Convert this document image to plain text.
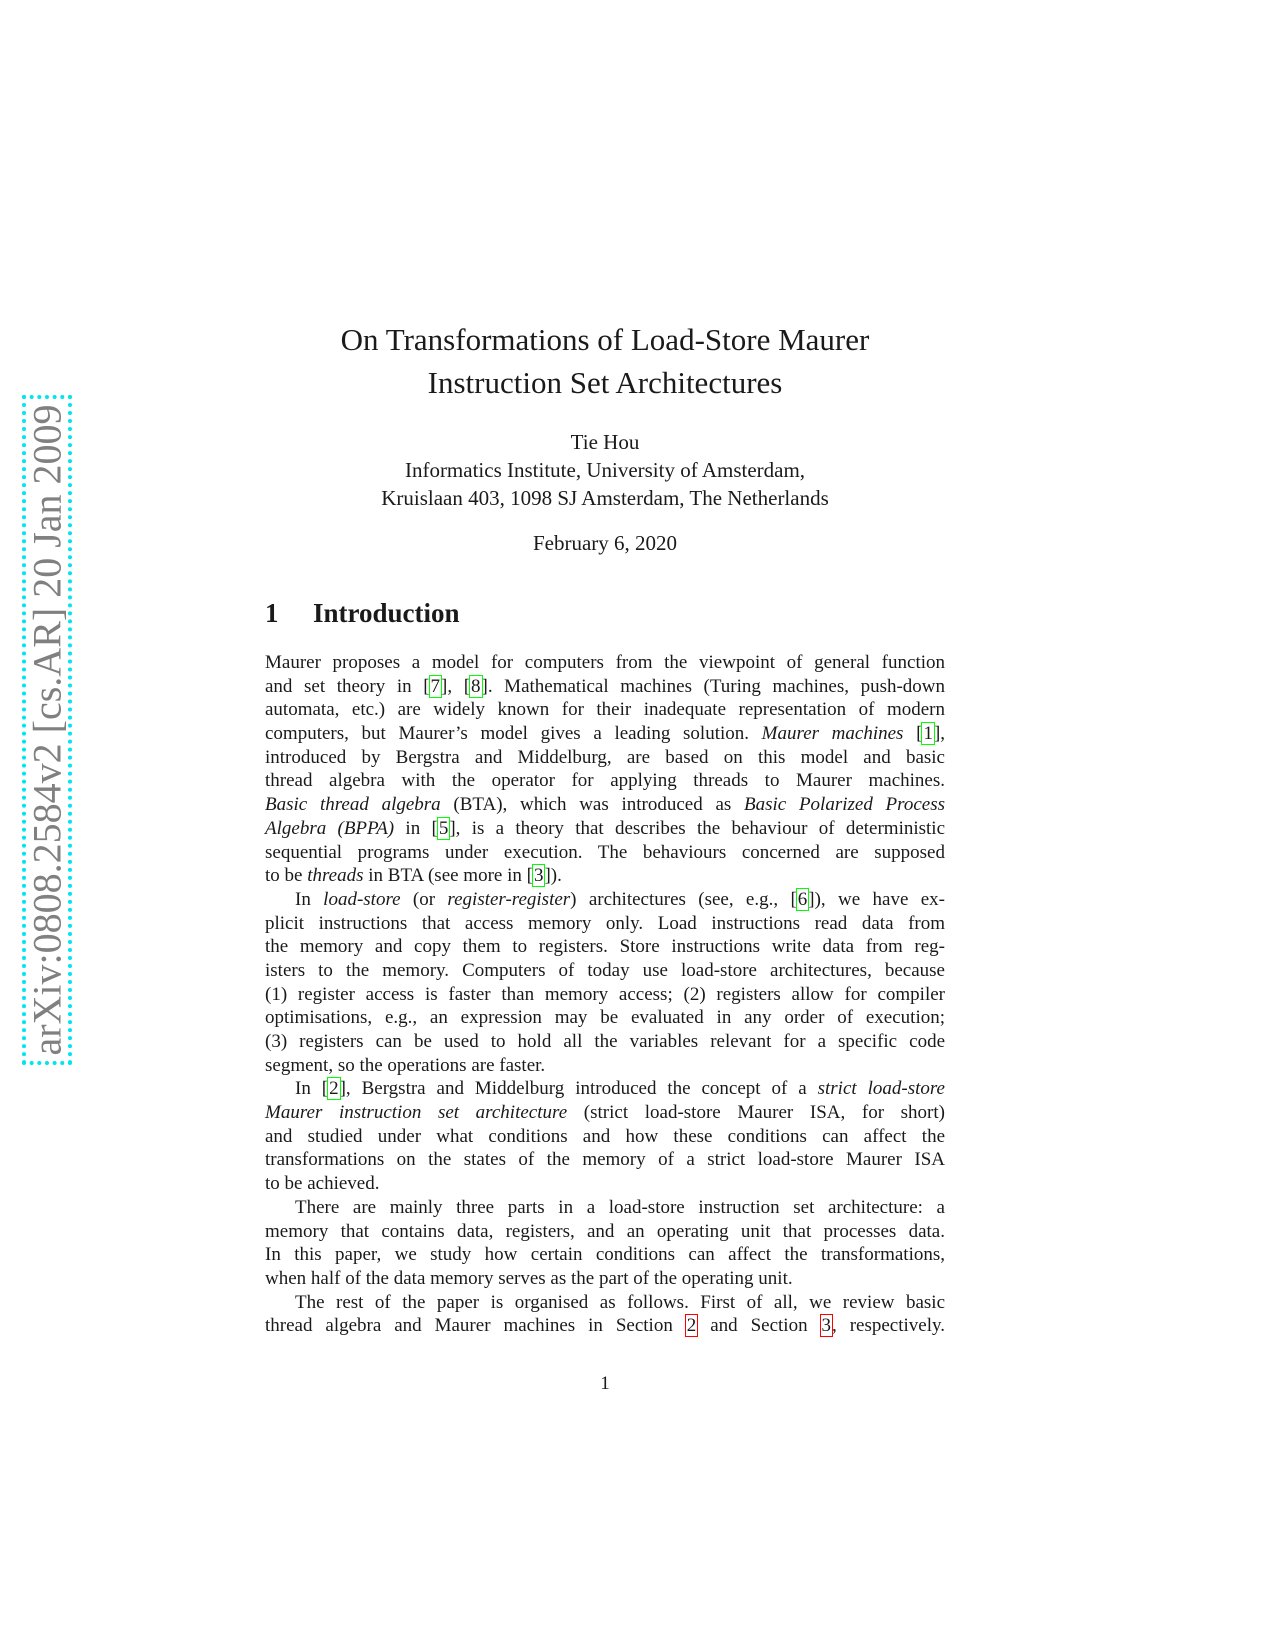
arXiv:0808.2584v2 [cs.AR] 20 Jan 2009
On Transformations of Load-Store Maurer
Instruction Set Architectures
Tie Hou
Informatics Institute, University of Amsterdam,
Kruislaan 403, 1098 SJ Amsterdam, The Netherlands
February 6, 2020
1 Introduction
Maurer proposes a model for computers from the viewpoint of general function
and set theory in [7], [8]. Mathematical machines (Turing machines, push-down
automata, etc.) are widely known for their inadequate representation of modern
computers, but Maurer’s model gives a leading solution. Maurer machines [1],
introduced by Bergstra and Middelburg, are based on this model and basic
thread algebra with the operator for applying threads to Maurer machines.
Basic thread algebra (BTA), which was introduced as Basic Polarized Process
Algebra (BPPA) in [5], is a theory that describes the behaviour of deterministic
sequential programs under execution. The behaviours concerned are supposed
to be threads in BTA (see more in [3]).
In load-store (or register-register) architectures (see, e.g., [6]), we have ex-
plicit instructions that access memory only. Load instructions read data from
the memory and copy them to registers. Store instructions write data from reg-
isters to the memory. Computers of today use load-store architectures, because
(1) register access is faster than memory access; (2) registers allow for compiler
optimisations, e.g., an expression may be evaluated in any order of execution;
(3) registers can be used to hold all the variables relevant for a specific code
segment, so the operations are faster.
In [2], Bergstra and Middelburg introduced the concept of a strict load-store
Maurer instruction set architecture (strict load-store Maurer ISA, for short)
and studied under what conditions and how these conditions can affect the
transformations on the states of the memory of a strict load-store Maurer ISA
to be achieved.
There are mainly three parts in a load-store instruction set architecture: a
memory that contains data, registers, and an operating unit that processes data.
In this paper, we study how certain conditions can affect the transformations,
when half of the data memory serves as the part of the operating unit.
The rest of the paper is organised as follows. First of all, we review basic
thread algebra and Maurer machines in Section 2 and Section 3, respectively.
1
